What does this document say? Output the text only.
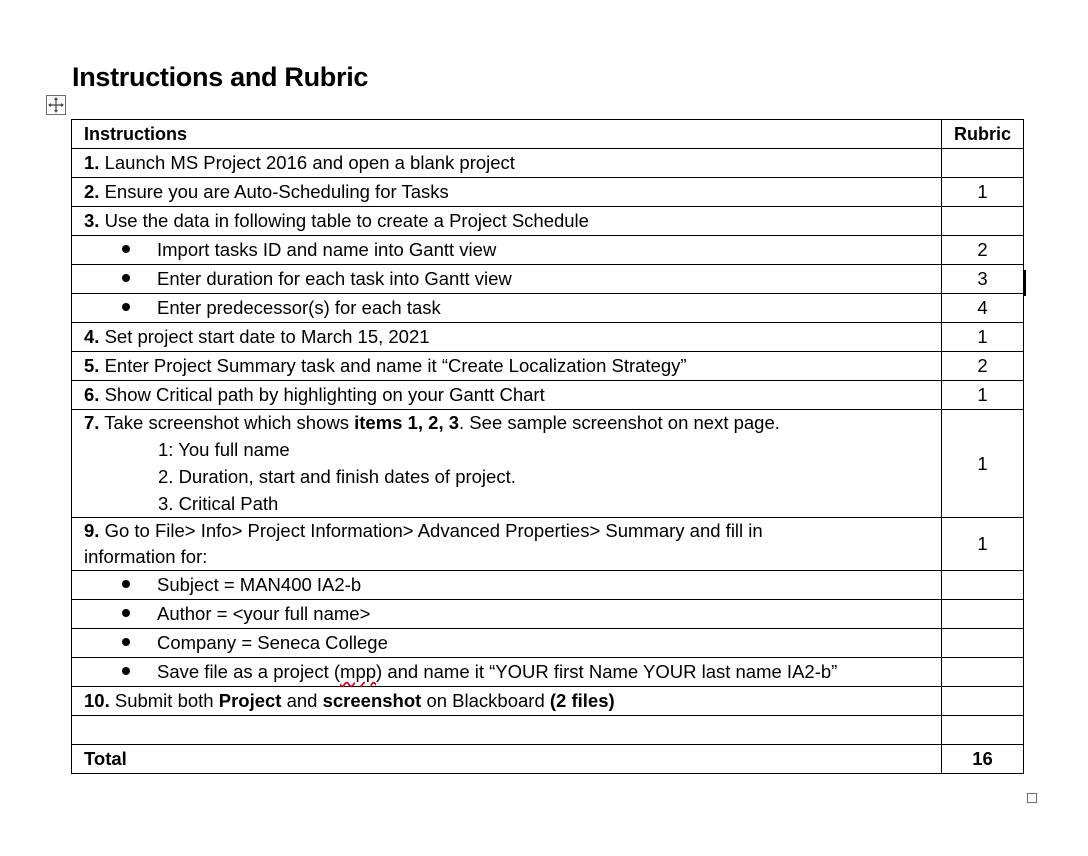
Instructions and Rubric
Instructions	Rubric
1. Launch MS Project 2016 and open a blank project	
2. Ensure you are Auto-Scheduling for Tasks	1
3. Use the data in following table to create a Project Schedule	
Import tasks ID and name into Gantt view	2
Enter duration for each task into Gantt view	3
Enter predecessor(s) for each task	4
4. Set project start date to March 15, 2021	1
5. Enter Project Summary task and name it “Create Localization Strategy”	2
6. Show Critical path by highlighting on your Gantt Chart	1
7. Take screenshot which shows items 1, 2, 3. See sample screenshot on next page.
1: You full name
2. Duration, start and finish dates of project.
3. Critical Path	1
9. Go to File> Info> Project Information> Advanced Properties> Summary and fill in
information for:	1
Subject = MAN400 IA2-b	
Author = <your full name>	
Company = Seneca College	
Save file as a project (mpp) and name it “YOUR first Name YOUR last name IA2-b”	
10. Submit both Project and screenshot on Blackboard (2 files)	

Total	16
